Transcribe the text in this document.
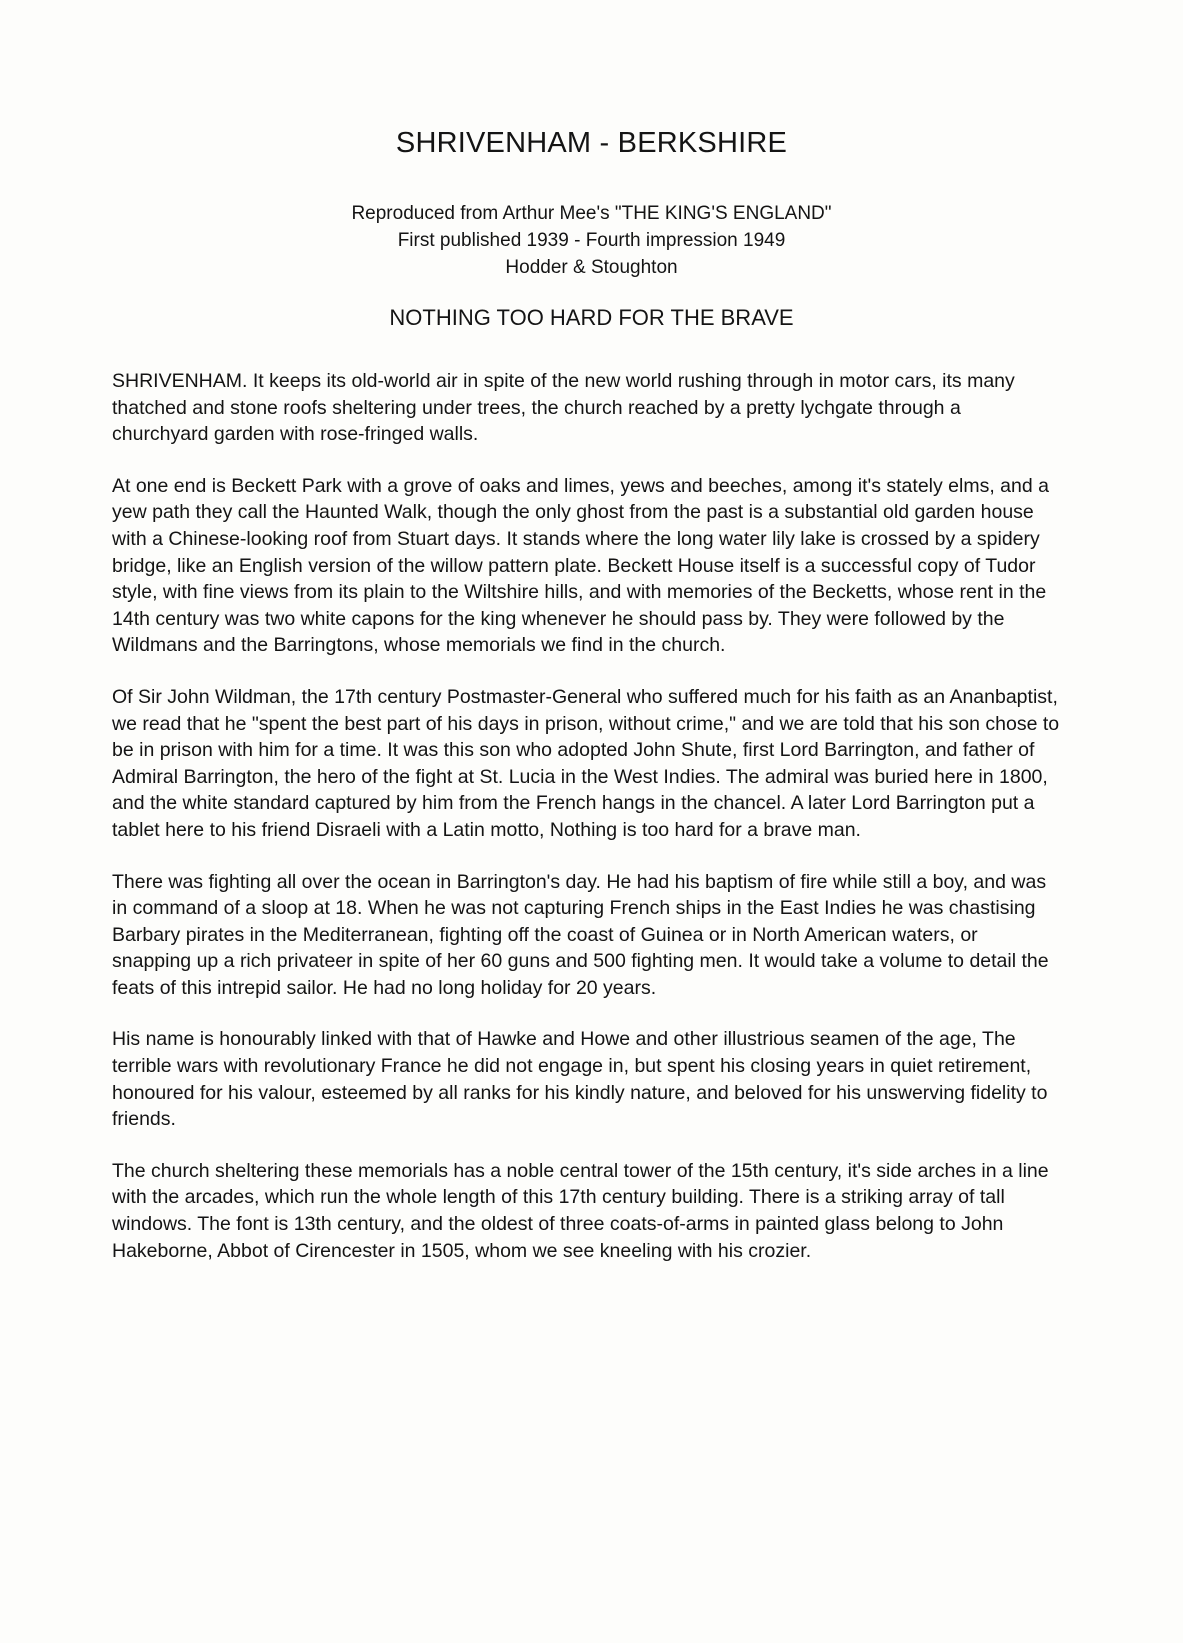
SHRIVENHAM - BERKSHIRE
Reproduced from Arthur Mee's "THE KING'S ENGLAND"
First published 1939 - Fourth impression 1949
Hodder & Stoughton
NOTHING TOO HARD FOR THE BRAVE

SHRIVENHAM. It keeps its old-world air in spite of the new world rushing through in motor cars, its many thatched and stone roofs sheltering under trees, the church reached by a pretty lychgate through a churchyard garden with rose-fringed walls.

At one end is Beckett Park with a grove of oaks and limes, yews and beeches, among it's stately elms, and a yew path they call the Haunted Walk, though the only ghost from the past is a substantial old garden house with a Chinese-looking roof from Stuart days. It stands where the long water lily lake is crossed by a spidery bridge, like an English version of the willow pattern plate. Beckett House itself is a successful copy of Tudor style, with fine views from its plain to the Wiltshire hills, and with memories of the Becketts, whose rent in the 14th century was two white capons for the king whenever he should pass by. They were followed by the Wildmans and the Barringtons, whose memorials we find in the church.

Of Sir John Wildman, the 17th century Postmaster-General who suffered much for his faith as an Ananbaptist, we read that he "spent the best part of his days in prison, without crime," and we are told that his son chose to be in prison with him for a time. It was this son who adopted John Shute, first Lord Barrington, and father of Admiral Barrington, the hero of the fight at St. Lucia in the West Indies. The admiral was buried here in 1800, and the white standard captured by him from the French hangs in the chancel. A later Lord Barrington put a tablet here to his friend Disraeli with a Latin motto, Nothing is too hard for a brave man.

There was fighting all over the ocean in Barrington's day. He had his baptism of fire while still a boy, and was in command of a sloop at 18. When he was not capturing French ships in the East Indies he was chastising Barbary pirates in the Mediterranean, fighting off the coast of Guinea or in North American waters, or snapping up a rich privateer in spite of her 60 guns and 500 fighting men. It would take a volume to detail the feats of this intrepid sailor. He had no long holiday for 20 years.

His name is honourably linked with that of Hawke and Howe and other illustrious seamen of the age, The terrible wars with revolutionary France he did not engage in, but spent his closing years in quiet retirement, honoured for his valour, esteemed by all ranks for his kindly nature, and beloved for his unswerving fidelity to friends.

The church sheltering these memorials has a noble central tower of the 15th century, it's side arches in a line with the arcades, which run the whole length of this 17th century building. There is a striking array of tall windows. The font is 13th century, and the oldest of three coats-of-arms in painted glass belong to John Hakeborne, Abbot of Cirencester in 1505, whom we see kneeling with his crozier.
